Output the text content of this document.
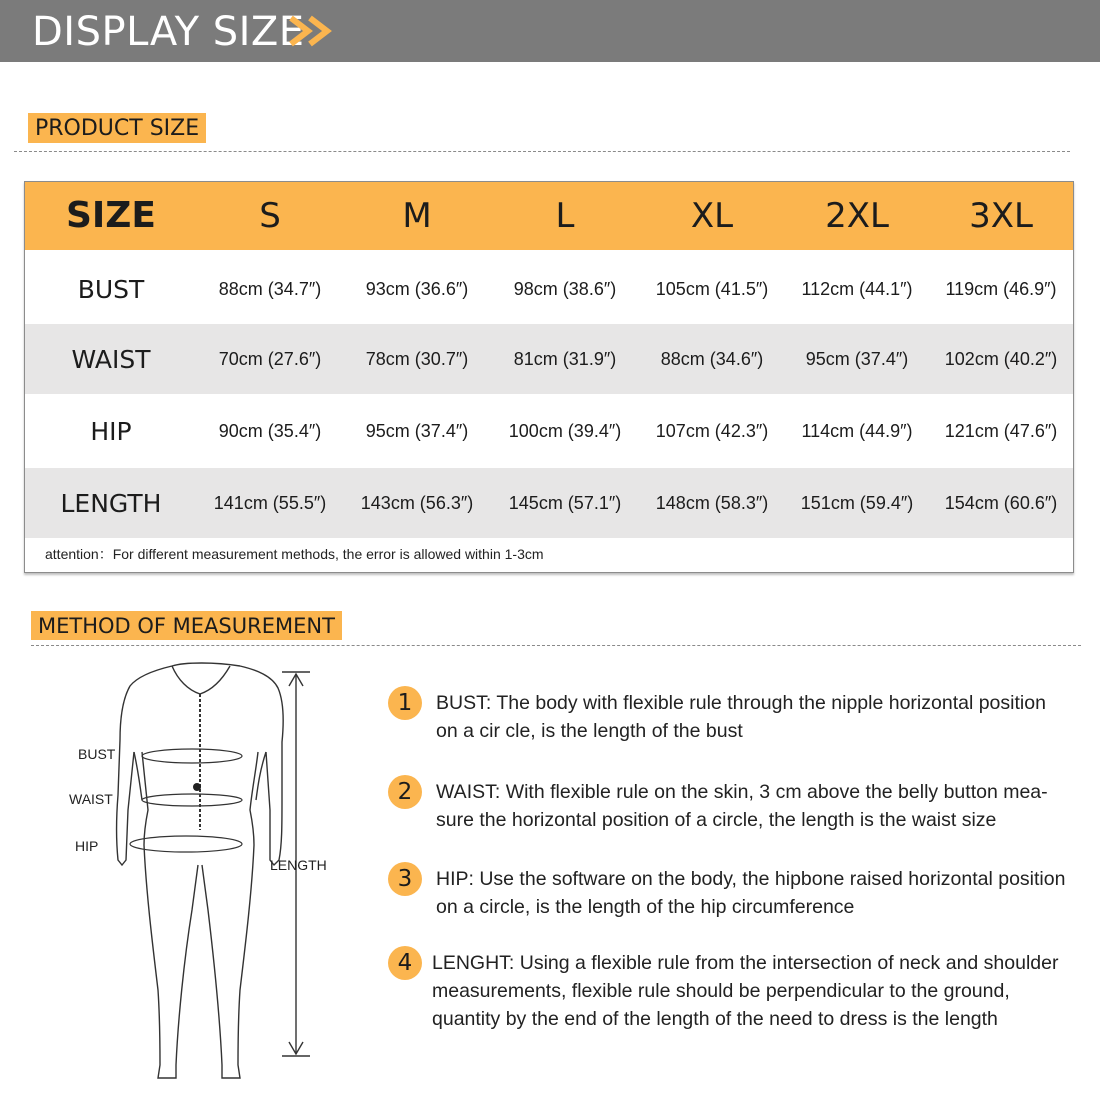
DISPLAY SIZE
PRODUCT SIZE
SIZE	S	M	L	XL	2XL	3XL
BUST	88cm (34.7″)	93cm (36.6″)	98cm (38.6″)	105cm (41.5″)	112cm (44.1″)	119cm (46.9″)
WAIST	70cm (27.6″)	78cm (30.7″)	81cm (31.9″)	88cm (34.6″)	95cm (37.4″)	102cm (40.2″)
HIP	90cm (35.4″)	95cm (37.4″)	100cm (39.4″)	107cm (42.3″)	114cm (44.9″)	121cm (47.6″)
LENGTH	141cm (55.5″)	143cm (56.3″)	145cm (57.1″)	148cm (58.3″)	151cm (59.4″)	154cm (60.6″)
attention：For different measurement methods, the error is allowed within 1-3cm
METHOD OF MEASUREMENT
BUST
WAIST
HIP
LENGTH
1	BUST: The body with flexible rule through the nipple horizontal position on a cir cle, is the length of the bust
2	WAIST: With flexible rule on the skin, 3 cm above the belly button mea-sure the horizontal position of a circle, the length is the waist size
3	HIP: Use the software on the body, the hipbone raised horizontal position on a circle, is the length of the hip circumference
4	LENGHT: Using a flexible rule from the intersection of neck and shoulder measurements, flexible rule should be perpendicular to the ground, quantity by the end of the length of the need to dress is the length
